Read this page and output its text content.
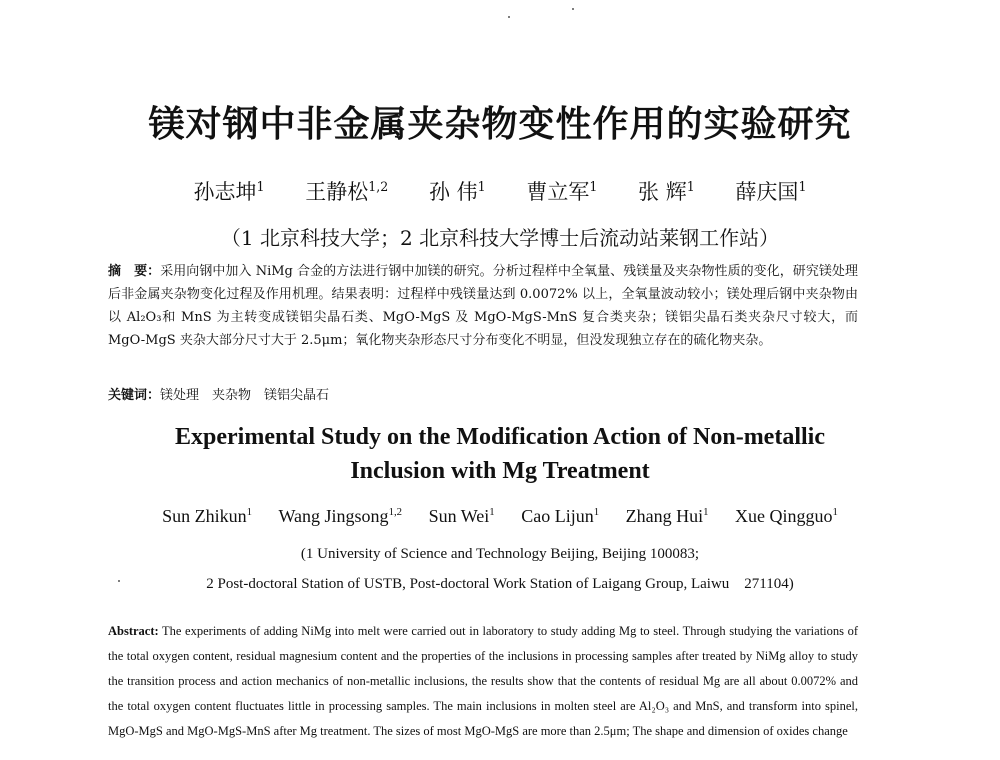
镁对钢中非金属夹杂物变性作用的实验研究
孙志坤$^1$ 王静松$^{1,2}$ 孙 伟$^1$ 曹立军$^1$ 张 辉$^1$ 薛庆国$^1$
（1 北京科技大学；2 北京科技大学博士后流动站莱钢工作站）
摘　要：采用向钢中加入 NiMg 合金的方法进行钢中加镁的研究。分析过程样中全氧量、残镁量及夹杂物性质的变化，研究镁处理后非金属夹杂物变化过程及作用机理。结果表明：过程样中残镁量达到 0.0072% 以上，全氧量波动较小；镁处理后钢中夹杂物由以 Al₂O₃和 MnS 为主转变成镁铝尖晶石类、MgO-MgS 及 MgO-MgS-MnS 复合类夹杂；镁铝尖晶石类夹杂尺寸较大，而 MgO-MgS 夹杂大部分尺寸大于 2.5μm；氧化物夹杂形态尺寸分布变化不明显，但没发现独立存在的硫化物夹杂。
关键词：镁处理　夹杂物　镁铝尖晶石
Experimental Study on the Modification Action of Non-metallic
Inclusion with Mg Treatment
Sun Zhikun$^1$ Wang Jingsong$^{1,2}$ Sun Wei$^1$ Cao Lijun$^1$ Zhang Hui$^1$ Xue Qingguo$^1$
(1 University of Science and Technology Beijing, Beijing 100083;
2 Post-doctoral Station of USTB, Post-doctoral Work Station of Laigang Group, Laiwu　271104)
Abstract: The experiments of adding NiMg into melt were carried out in laboratory to study adding Mg to steel. Through studying the variations of the total oxygen content, residual magnesium content and the properties of the inclusions in processing samples after treated by NiMg alloy to study the transition process and action mechanics of non-metallic inclusions, the results show that the contents of residual Mg are all about 0.0072% and the total oxygen content fluctuates little in processing samples. The main inclusions in molten steel are Al₂O₃ and MnS, and transform into spinel, MgO-MgS and MgO-MgS-MnS after Mg treatment. The sizes of most MgO-MgS are more than 2.5μm; The shape and dimension of oxides change
